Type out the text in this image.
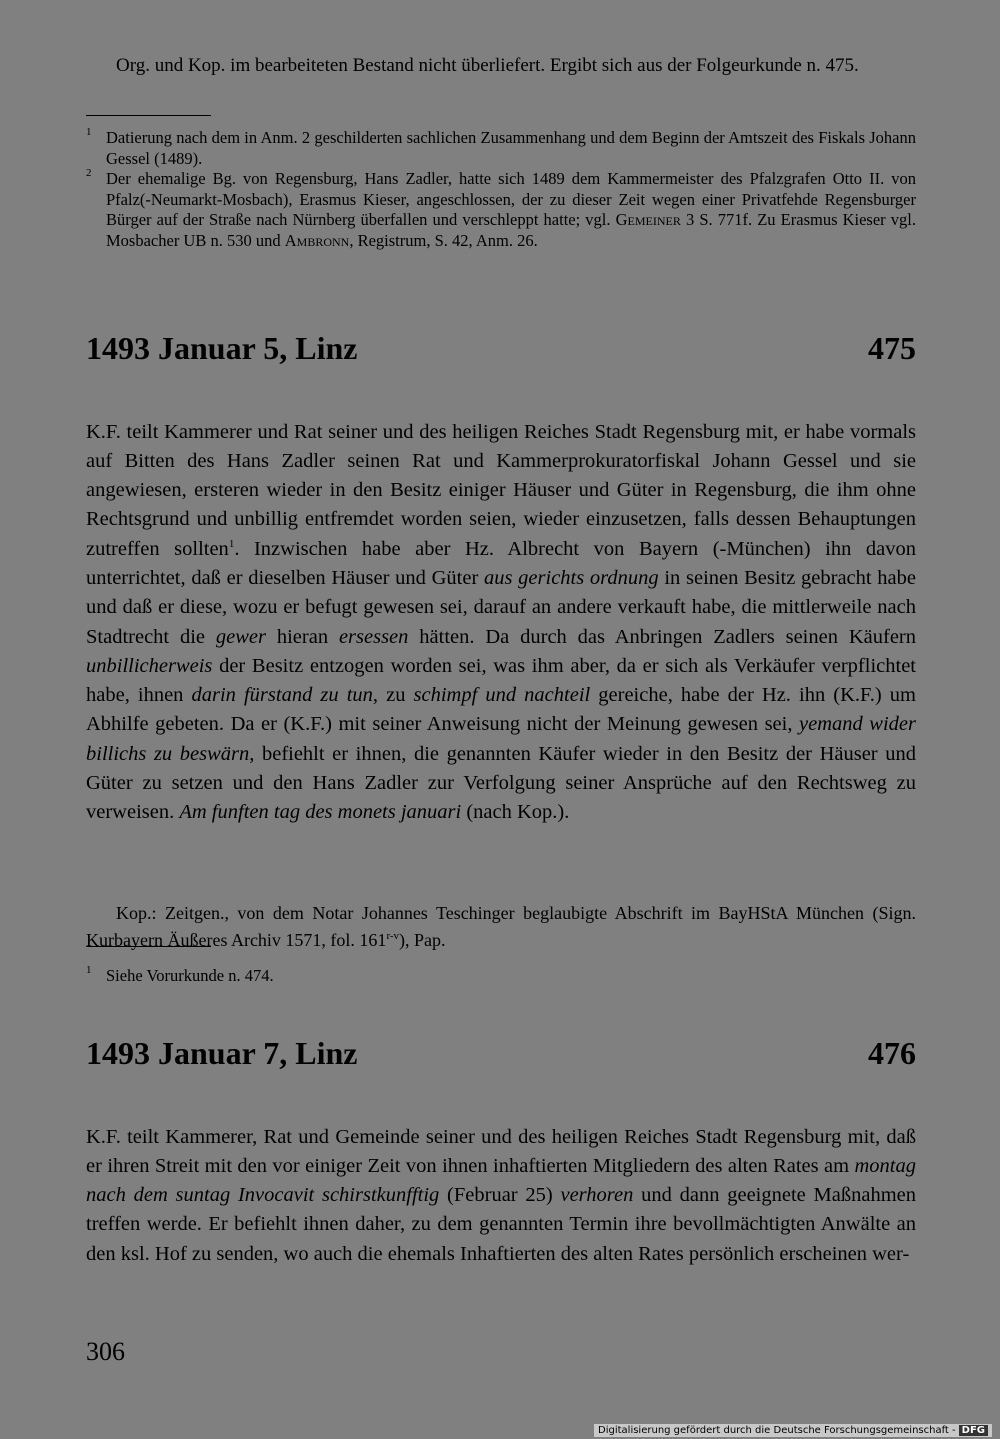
Org. und Kop. im bearbeiteten Bestand nicht überliefert. Ergibt sich aus der Folgeurkunde n. 475.

1 Datierung nach dem in Anm. 2 geschilderten sachlichen Zusammenhang und dem Beginn der Amtszeit des Fiskals Johann Gessel (1489).

2 Der ehemalige Bg. von Regensburg, Hans Zadler, hatte sich 1489 dem Kammermeister des Pfalzgrafen Otto II. von Pfalz(-Neumarkt-Mosbach), Erasmus Kieser, angeschlossen, der zu dieser Zeit wegen einer Privatfehde Regensburger Bürger auf der Straße nach Nürnberg überfallen und verschleppt hatte; vgl. Gemeiner 3 S. 771f. Zu Erasmus Kieser vgl. Mosbacher UB n. 530 und Ambronn, Registrum, S. 42, Anm. 26.

1493 Januar 5, Linz	475

K.F. teilt Kammerer und Rat seiner und des heiligen Reiches Stadt Regensburg mit, er habe vormals auf Bitten des Hans Zadler seinen Rat und Kammerprokuratorfiskal Johann Gessel und sie angewiesen, ersteren wieder in den Besitz einiger Häuser und Güter in Regensburg, die ihm ohne Rechtsgrund und unbillig entfremdet worden seien, wieder einzusetzen, falls dessen Behauptungen zutreffen sollten$^1$. Inzwischen habe aber Hz. Albrecht von Bayern (-München) ihn davon unterrichtet, daß er dieselben Häuser und Güter aus gerichts ordnung in seinen Besitz gebracht habe und daß er diese, wozu er befugt gewesen sei, darauf an andere verkauft habe, die mittlerweile nach Stadtrecht die gewer hieran ersessen hätten. Da durch das Anbringen Zadlers seinen Käufern unbillicherweis der Besitz entzogen worden sei, was ihm aber, da er sich als Verkäufer verpflichtet habe, ihnen darin fürstand zu tun, zu schimpf und nachteil gereiche, habe der Hz. ihn (K.F.) um Abhilfe gebeten. Da er (K.F.) mit seiner Anweisung nicht der Meinung gewesen sei, yemand wider billichs zu beswärn, befiehlt er ihnen, die genannten Käufer wieder in den Besitz der Häuser und Güter zu setzen und den Hans Zadler zur Verfolgung seiner Ansprüche auf den Rechtsweg zu verweisen. Am funften tag des monets januari (nach Kop.).

Kop.: Zeitgen., von dem Notar Johannes Teschinger beglaubigte Abschrift im BayHStA München (Sign. Kurbayern Äußeres Archiv 1571, fol. 161$^{r-v}$), Pap.

1 Siehe Vorurkunde n. 474.

1493 Januar 7, Linz	476

K.F. teilt Kammerer, Rat und Gemeinde seiner und des heiligen Reiches Stadt Regensburg mit, daß er ihren Streit mit den vor einiger Zeit von ihnen inhaftierten Mitgliedern des alten Rates am montag nach dem suntag Invocavit schirstkunfftig (Februar 25) verhoren und dann geeignete Maßnahmen treffen werde. Er befiehlt ihnen daher, zu dem genannten Termin ihre bevollmächtigten Anwälte an den ksl. Hof zu senden, wo auch die ehemals Inhaftierten des alten Rates persönlich erscheinen wer-

306
Digitalisierung gefördert durch die Deutsche Forschungsgemeinschaft - DFG
